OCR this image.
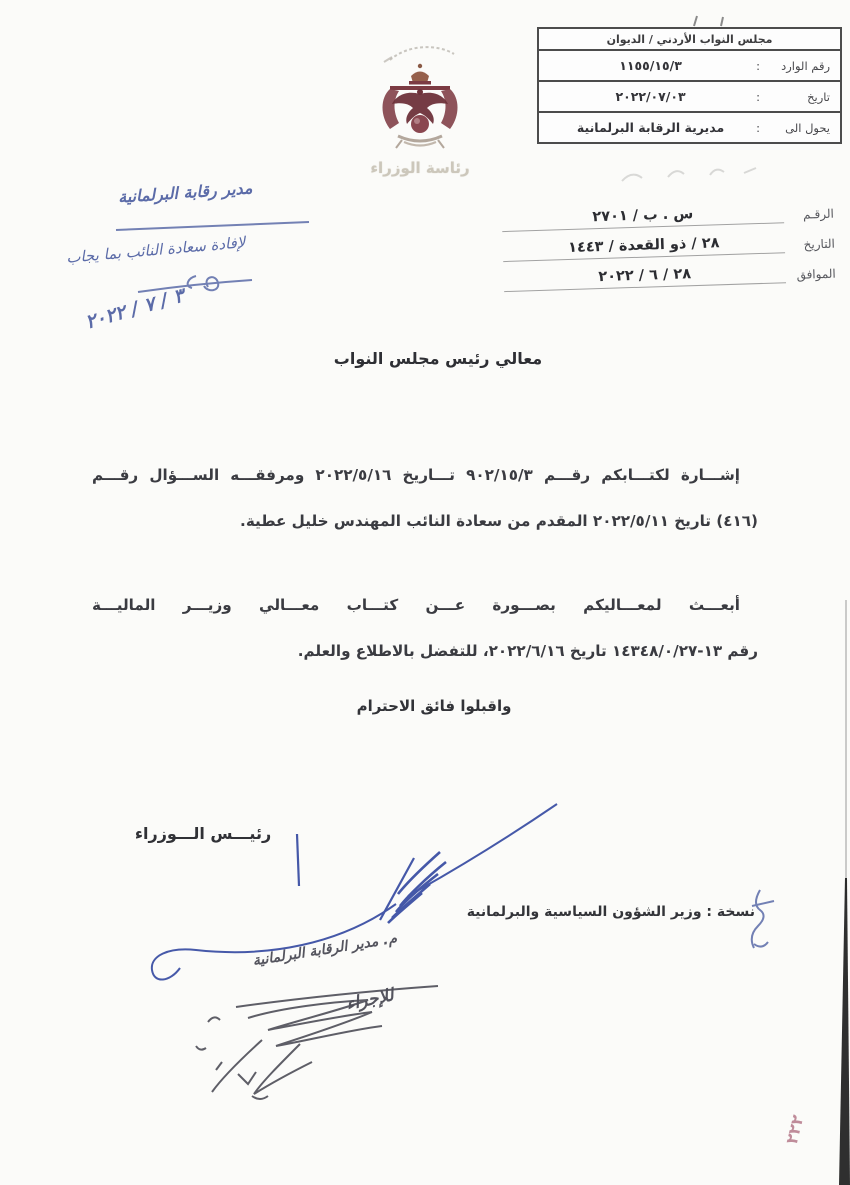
مجلس النواب الأردني / الديوان
رقم الوارد
:
١١٥٥/١٥/٣
تاريخ
:
٢٠٢٢/٠٧/٠٣
يحول الى
:
مديرية الرقابة البرلمانية
رئاسة الوزراء
الرقـم
س . ب / ٢٧٠١
التاريخ
٢٨ / ذو القعدة / ١٤٤٣
الموافق
٢٨ / ٦ / ٢٠٢٢
مدير رقابة البرلمانية
لإفادة سعادة النائب بما يجاب
٣ / ٧ / ٢٠٢٢
معالي رئيس مجلس النواب
إشـــارة لكتـــابكم رقـــم ٩٠٢/١٥/٣ تـــاريخ ٢٠٢٢/٥/١٦ ومرفقـــه الســـؤال رقـــم
(٤١٦) تاريخ ٢٠٢٢/٥/١١ المقدم من سعادة النائب المهندس خليل عطية.
أبعـــث لمعـــاليكم بصـــورة عـــن كتـــاب معـــالي وزيـــر الماليـــة
رقم ١٣-١٤٣٤٨/٠/٢٧ تاريخ ٢٠٢٢/٦/١٦، للتفضل بالاطلاع والعلم.
واقبلوا فائق الاحترام
رئيـــس الـــوزراء
نسخة : وزير الشؤون السياسية والبرلمانية
م. مدير الرقابة البرلمانية
للإجراء
٢٢٢
